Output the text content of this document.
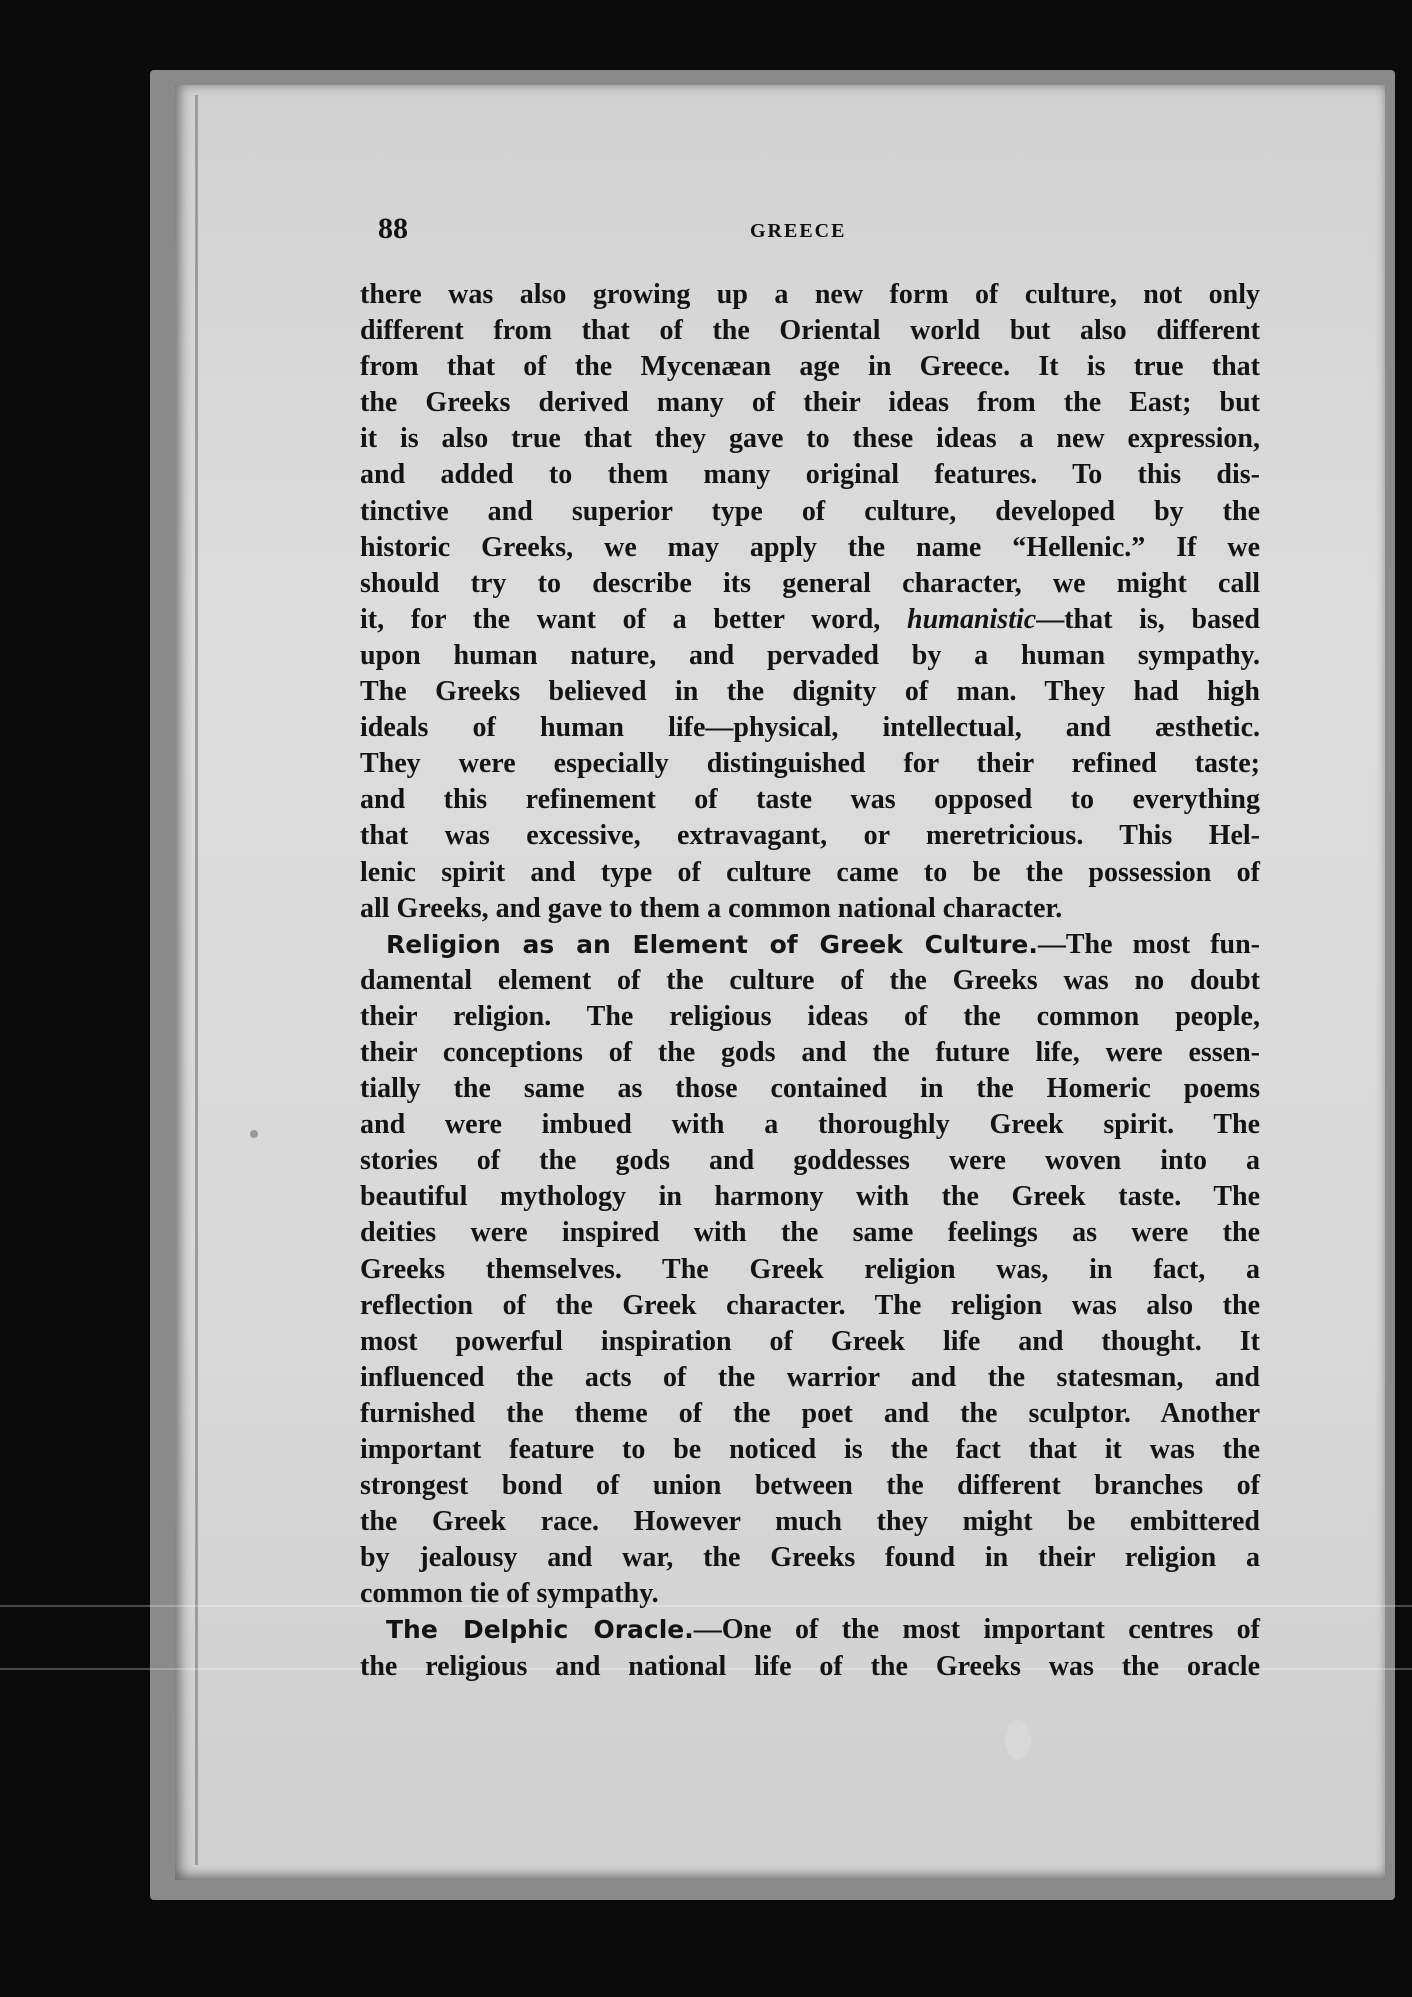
88	GREECE
there was also growing up a new form of culture, not only
different from that of the Oriental world but also different
from that of the Mycenæan age in Greece. It is true that
the Greeks derived many of their ideas from the East; but
it is also true that they gave to these ideas a new expression,
and added to them many original features. To this dis-
tinctive and superior type of culture, developed by the
historic Greeks, we may apply the name “Hellenic.” If we
should try to describe its general character, we might call
it, for the want of a better word, humanistic—that is, based
upon human nature, and pervaded by a human sympathy.
The Greeks believed in the dignity of man. They had high
ideals of human life—physical, intellectual, and æsthetic.
They were especially distinguished for their refined taste;
and this refinement of taste was opposed to everything
that was excessive, extravagant, or meretricious. This Hel-
lenic spirit and type of culture came to be the possession of
all Greeks, and gave to them a common national character.
Religion as an Element of Greek Culture.—The most fun-
damental element of the culture of the Greeks was no doubt
their religion. The religious ideas of the common people,
their conceptions of the gods and the future life, were essen-
tially the same as those contained in the Homeric poems
and were imbued with a thoroughly Greek spirit. The
stories of the gods and goddesses were woven into a
beautiful mythology in harmony with the Greek taste. The
deities were inspired with the same feelings as were the
Greeks themselves. The Greek religion was, in fact, a
reflection of the Greek character. The religion was also the
most powerful inspiration of Greek life and thought. It
influenced the acts of the warrior and the statesman, and
furnished the theme of the poet and the sculptor. Another
important feature to be noticed is the fact that it was the
strongest bond of union between the different branches of
the Greek race. However much they might be embittered
by jealousy and war, the Greeks found in their religion a
common tie of sympathy.
The Delphic Oracle.—One of the most important centres of
the religious and national life of the Greeks was the oracle
